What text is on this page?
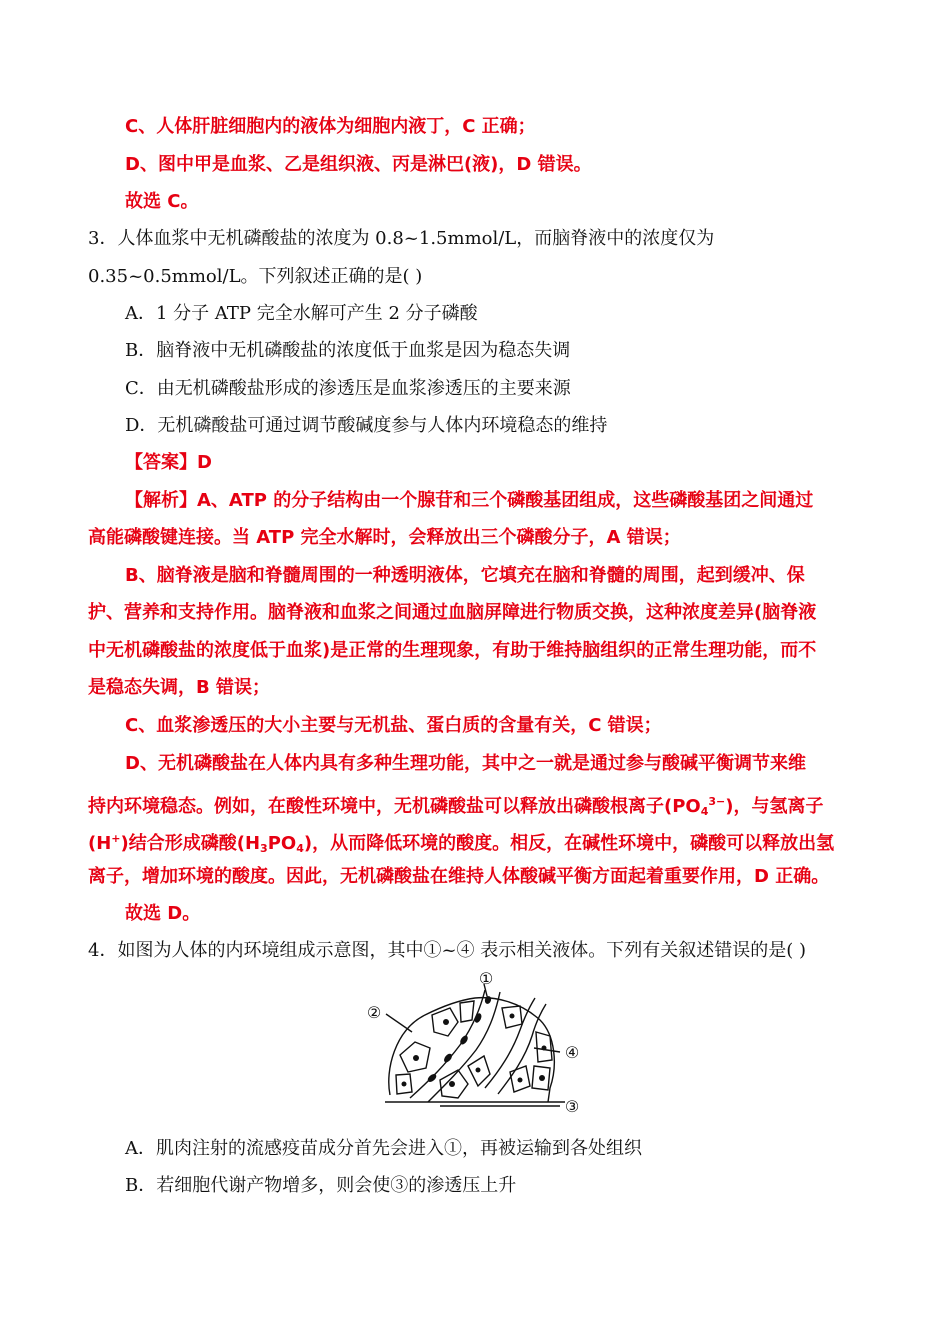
C、人体肝脏细胞内的液体为细胞内液丁，C 正确；
D、图中甲是血浆、乙是组织液、丙是淋巴(液)，D 错误。
故选 C。
3．人体血浆中无机磷酸盐的浓度为 0.8~1.5mmol/L，而脑脊液中的浓度仅为
0.35~0.5mmol/L。下列叙述正确的是( )
A．1 分子 ATP 完全水解可产生 2 分子磷酸
B．脑脊液中无机磷酸盐的浓度低于血浆是因为稳态失调
C．由无机磷酸盐形成的渗透压是血浆渗透压的主要来源
D．无机磷酸盐可通过调节酸碱度参与人体内环境稳态的维持
【答案】D
【解析】A、ATP 的分子结构由一个腺苷和三个磷酸基团组成，这些磷酸基团之间通过
高能磷酸键连接。当 ATP 完全水解时，会释放出三个磷酸分子，A 错误；
B、脑脊液是脑和脊髓周围的一种透明液体，它填充在脑和脊髓的周围，起到缓冲、保
护、营养和支持作用。脑脊液和血浆之间通过血脑屏障进行物质交换，这种浓度差异(脑脊液
中无机磷酸盐的浓度低于血浆)是正常的生理现象，有助于维持脑组织的正常生理功能，而不
是稳态失调，B 错误；
C、血浆渗透压的大小主要与无机盐、蛋白质的含量有关，C 错误；
D、无机磷酸盐在人体内具有多种生理功能，其中之一就是通过参与酸碱平衡调节来维
持内环境稳态。例如，在酸性环境中，无机磷酸盐可以释放出磷酸根离子$(PO_4^{3-})$，与氢离子
(H+)结合形成磷酸$(H_3PO_4)$，从而降低环境的酸度。相反，在碱性环境中，磷酸可以释放出氢
离子，增加环境的酸度。因此，无机磷酸盐在维持人体酸碱平衡方面起着重要作用，D 正确。
故选 D。
4．如图为人体的内环境组成示意图，其中①~④ 表示相关液体。下列有关叙述错误的是( )
①
②
③
④
A．肌肉注射的流感疫苗成分首先会进入①，再被运输到各处组织
B．若细胞代谢产物增多，则会使③的渗透压上升
